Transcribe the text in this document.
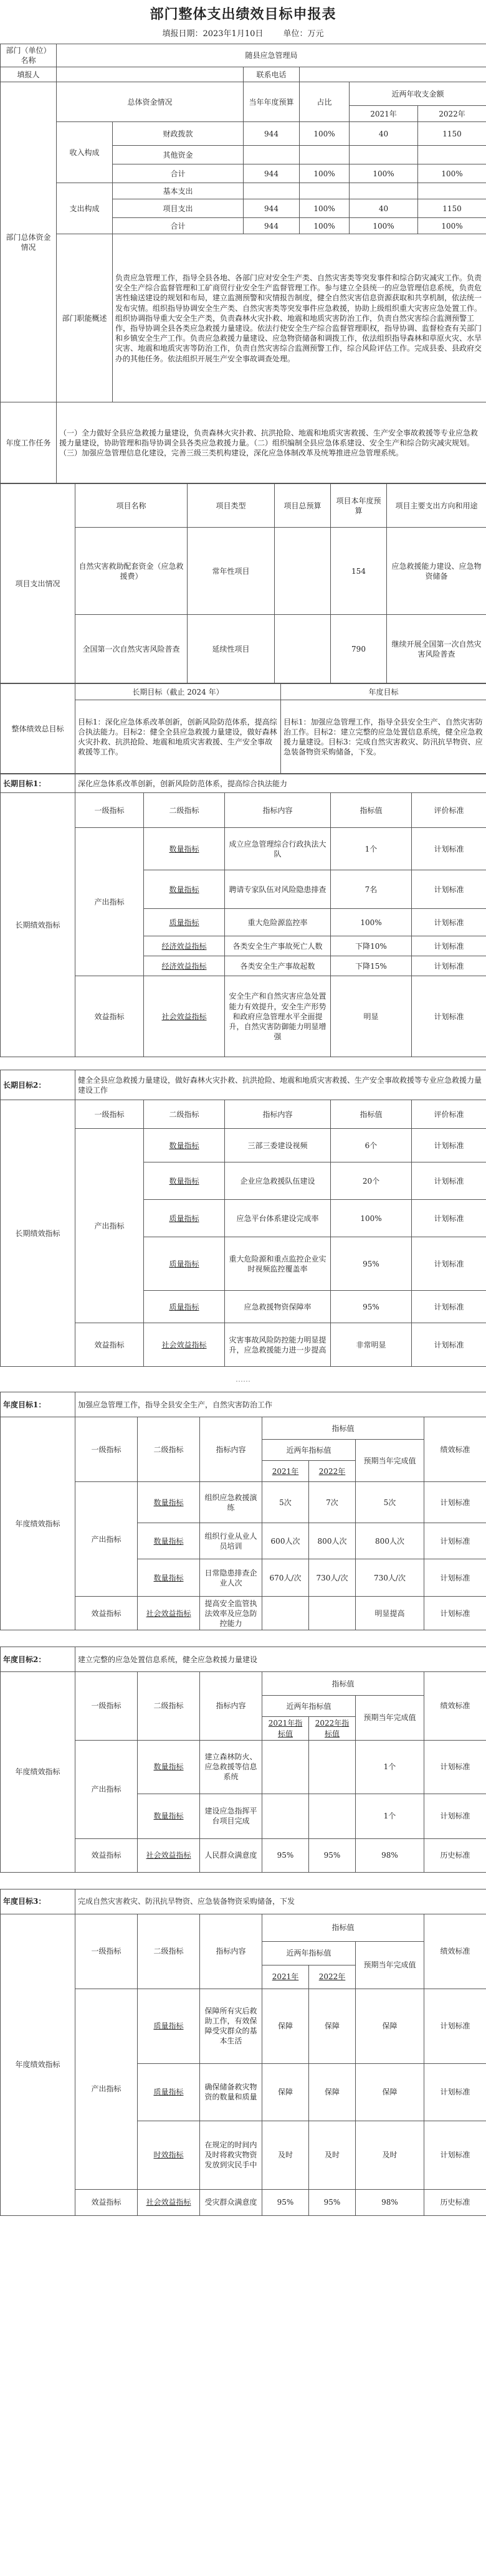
部门整体支出绩效目标申报表
填报日期：2023年1月10日 单位：万元
部门（单位）名称	随县应急管理局					
填报人			联系电话			
部门总体资金情况	总体资金情况		当年年度预算	占比	近两年收支金额	
					2021年	2022年
	收入构成	财政拨款	944	100%	40	1150
		其他资金				
		合计	944	100%	100%	100%
	支出构成	基本支出				
		项目支出	944	100%	40	1150
		合计	944	100%	100%	100%
	部门职能概述	负责应急管理工作，指导全县各地、各部门应对安全生产类、自然灾害类等突发事件和综合防灾减灾工作。负责安全生产综合监督管理和工矿商贸行业安全生产监督管理工作。参与建立全县统一的应急管理信息系统，负责危害性输送建设的规划和布局，建立监测预警和灾情报告制度，健全自然灾害信息资源获取和共享机制，依法统一发布灾情。组织指导协调安全生产类、自然灾害类等突发事件应急救援，协助上级组织重大灾害应急处置工作。组织协调指导重大安全生产类，负责森林火灾扑救、地震和地质灾害防治工作，负责自然灾害综合监测预警工作，指导协调全县各类应急救援力量建设。依法行使安全生产综合监督管理职权，指导协调、监督检查有关部门和乡镇安全生产工作。负责应急救援力量建设、应急物资储备和调拨工作，依法组织指导森林和草原火灾、水旱灾害、地震和地质灾害等防治工作，负责自然灾害综合监测预警工作，综合风险评估工作。完成县委、县政府交办的其他任务。依法组织开展生产安全事故调查处理。				
年度工作任务	（一）全力做好全县应急救援力量建设，负责森林火灾扑救、抗洪抢险、地震和地质灾害救援、生产安全事故救援等专业应急救援力量建设，协助管理和指导协调全县各类应急救援力量。（二）组织编制全县应急体系建设、安全生产和综合防灾减灾规划。（三）加强应急管理信息化建设，完善三级三类机构建设，深化应急体制改革及统筹推进应急管理系统。					
项目支出情况	项目名称	项目类型	项目总预算	项目本年度预算	项目主要支出方向和用途
	自然灾害救助配套资金（应急救援费）	常年性项目		154	应急救援能力建设、应急物资储备
	全国第一次自然灾害风险普查	延续性项目		790	继续开展全国第一次自然灾害风险普查
整体绩效总目标	长期目标（截止 2024 年）	年度目标
	目标1：深化应急体系改革创新，创新风险防范体系，提高综合执法能力。目标2：健全全县应急救援力量建设，做好森林火灾扑救、抗洪抢险、地震和地质灾害救援、生产安全事故救援等工作。	目标1：加强应急管理工作，指导全县安全生产、自然灾害防治工作。目标2：建立完整的应急处置信息系统，健全应急救援力量建设。目标3：完成自然灾害救灾、防汛抗旱物资、应急装备物资采购储备，下发。
长期目标1：	深化应急体系改革创新，创新风险防范体系，提高综合执法能力				
长期绩效指标	一级指标	二级指标	指标内容	指标值	评价标准
	产出指标	数量指标	成立应急管理综合行政执法大队	1个	计划标准
		数量指标	聘请专家队伍对风险隐患排查	7名	计划标准
		质量指标	重大危险源监控率	100%	计划标准
		经济效益指标	各类安全生产事故死亡人数	下降10%	计划标准
		经济效益指标	各类安全生产事故起数	下降15%	计划标准
	效益指标	社会效益指标	安全生产和自然灾害应急处置能力有效提升，安全生产形势和政府应急管理水平全面提升，自然灾害防御能力明显增强	明显	计划标准
长期目标2：	健全全县应急救援力量建设，做好森林火灾扑救、抗洪抢险、地震和地质灾害救援、生产安全事故救援等专业应急救援力量建设工作				
长期绩效指标	一级指标	二级指标	指标内容	指标值	评价标准
	产出指标	数量指标	三部三委建设视频	6个	计划标准
		数量指标	企业应急救援队伍建设	20个	计划标准
		质量指标	应急平台体系建设完成率	100%	计划标准
		质量指标	重大危险源和重点监控企业实时视频监控覆盖率	95%	计划标准
		质量指标	应急救援物资保障率	95%	计划标准
	效益指标	社会效益指标	灾害事故风险防控能力明显提升，应急救援能力进一步提高	非常明显	计划标准
……
年度目标1：	加强应急管理工作，指导全县安全生产，自然灾害防治工作						
年度绩效指标	一级指标	二级指标	指标内容	指标值			绩效标准
				近两年指标值		预期当年完成值	
				2021年	2022年		
	产出指标	数量指标	组织应急救援演练	5次	7次	5次	计划标准
		数量指标	组织行业从业人员培训	600人次	800人次	800人次	计划标准
		数量指标	日常隐患排查企业人次	670人/次	730人/次	730人/次	计划标准
	效益指标	社会效益指标	提高安全监管执法效率及应急防控能力			明显提高	计划标准
年度目标2：	建立完整的应急处置信息系统，健全应急救援力量建设						
年度绩效指标	一级指标	二级指标	指标内容	指标值			绩效标准
				近两年指标值		预期当年完成值	
				2021年指标值	2022年指标值		
	产出指标	数量指标	建立森林防火、应急救援等信息系统			1个	计划标准
		数量指标	建设应急指挥平台项目完成			1个	计划标准
	效益指标	社会效益指标	人民群众满意度	95%	95%	98%	历史标准
年度目标3：	完成自然灾害救灾、防汛抗旱物资、应急装备物资采购储备，下发						
年度绩效指标	一级指标	二级指标	指标内容	指标值			绩效标准
				近两年指标值		预期当年完成值	
				2021年	2022年		
	产出指标	质量指标	保障所有灾后救助工作，有效保障受灾群众的基本生活	保障	保障	保障	计划标准
		质量指标	确保储备救灾物资的数量和质量	保障	保障	保障	计划标准
		时效指标	在规定的时间内及时将救灾物资发放到灾民手中	及时	及时	及时	计划标准
	效益指标	社会效益指标	受灾群众满意度	95%	95%	98%	历史标准
